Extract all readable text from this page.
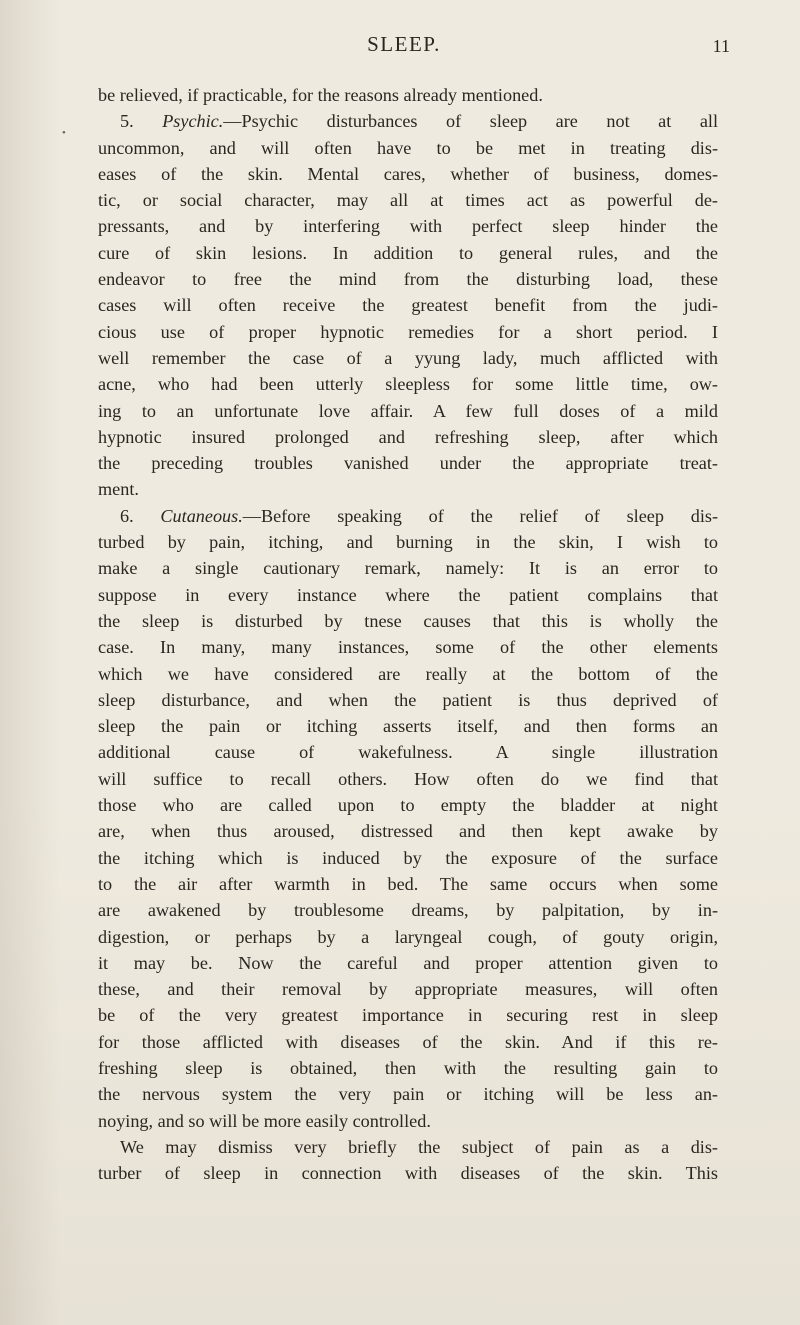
SLEEP.	11
•
be relieved, if practicable, for the reasons already mentioned.
5. Psychic.—Psychic disturbances of sleep are not at all
uncommon, and will often have to be met in treating dis-
eases of the skin. Mental cares, whether of business, domes-
tic, or social character, may all at times act as powerful de-
pressants, and by interfering with perfect sleep hinder the
cure of skin lesions. In addition to general rules, and the
endeavor to free the mind from the disturbing load, these
cases will often receive the greatest benefit from the judi-
cious use of proper hypnotic remedies for a short period. I
well remember the case of a yyung lady, much afflicted with
acne, who had been utterly sleepless for some little time, ow-
ing to an unfortunate love affair. A few full doses of a mild
hypnotic insured prolonged and refreshing sleep, after which
the preceding troubles vanished under the appropriate treat-
ment.
6. Cutaneous.—Before speaking of the relief of sleep dis-
turbed by pain, itching, and burning in the skin, I wish to
make a single cautionary remark, namely: It is an error to
suppose in every instance where the patient complains that
the sleep is disturbed by tnese causes that this is wholly the
case. In many, many instances, some of the other elements
which we have considered are really at the bottom of the
sleep disturbance, and when the patient is thus deprived of
sleep the pain or itching asserts itself, and then forms an
additional cause of wakefulness. A single illustration
will suffice to recall others. How often do we find that
those who are called upon to empty the bladder at night
are, when thus aroused, distressed and then kept awake by
the itching which is induced by the exposure of the surface
to the air after warmth in bed. The same occurs when some
are awakened by troublesome dreams, by palpitation, by in-
digestion, or perhaps by a laryngeal cough, of gouty origin,
it may be. Now the careful and proper attention given to
these, and their removal by appropriate measures, will often
be of the very greatest importance in securing rest in sleep
for those afflicted with diseases of the skin. And if this re-
freshing sleep is obtained, then with the resulting gain to
the nervous system the very pain or itching will be less an-
noying, and so will be more easily controlled.
We may dismiss very briefly the subject of pain as a dis-
turber of sleep in connection with diseases of the skin. This
